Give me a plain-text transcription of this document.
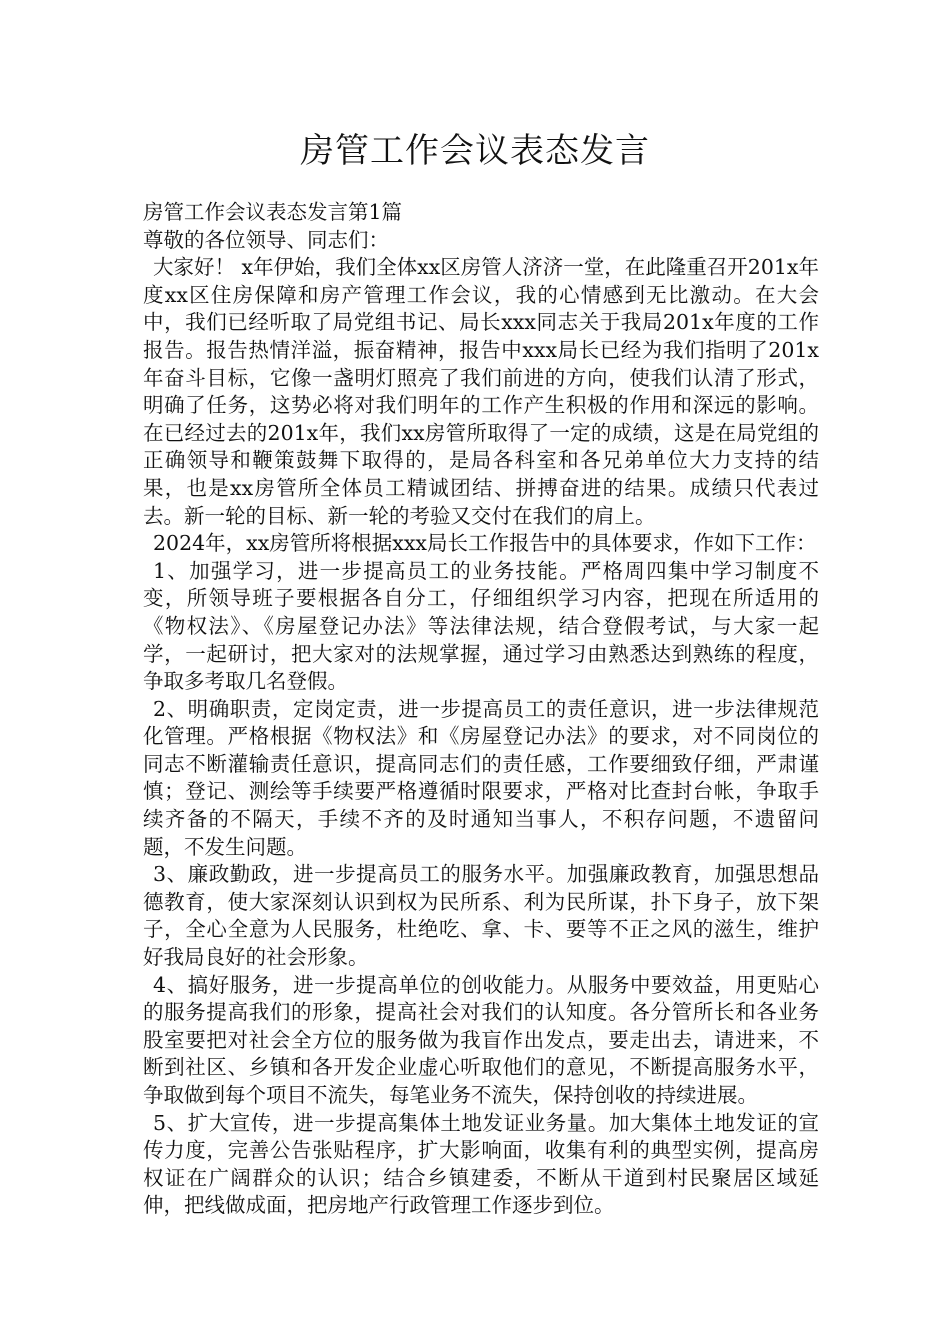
房管工作会议表态发言

房管工作会议表态发言第1篇

尊敬的各位领导、同志们：

大家好！ x年伊始，我们全体xx区房管人济济一堂，在此隆重召开201x年度xx区住房保障和房产管理工作会议，我的心情感到无比激动。在大会中，我们已经听取了局党组书记、局长xxx同志关于我局201x年度的工作报告。报告热情洋溢，振奋精神，报告中xxx局长已经为我们指明了201x年奋斗目标，它像一盏明灯照亮了我们前进的方向，使我们认清了形式，明确了任务，这势必将对我们明年的工作产生积极的作用和深远的影响。在已经过去的201x年，我们xx房管所取得了一定的成绩，这是在局党组的正确领导和鞭策鼓舞下取得的，是局各科室和各兄弟单位大力支持的结果，也是xx房管所全体员工精诚团结、拼搏奋进的结果。成绩只代表过去。新一轮的目标、新一轮的考验又交付在我们的肩上。

2024年，xx房管所将根据xxx局长工作报告中的具体要求，作如下工作：

1、加强学习，进一步提高员工的业务技能。严格周四集中学习制度不变，所领导班子要根据各自分工，仔细组织学习内容，把现在所适用的《物权法》、《房屋登记办法》等法律法规，结合登假考试，与大家一起学，一起研讨，把大家对的法规掌握，通过学习由熟悉达到熟练的程度，争取多考取几名登假。

2、明确职责，定岗定责，进一步提高员工的责任意识，进一步法律规范化管理。严格根据《物权法》和《房屋登记办法》的要求，对不同岗位的同志不断灌输责任意识，提高同志们的责任感，工作要细致仔细，严肃谨慎；登记、测绘等手续要严格遵循时限要求，严格对比查封台帐，争取手续齐备的不隔天，手续不齐的及时通知当事人，不积存问题，不遗留问题，不发生问题。

3、廉政勤政，进一步提高员工的服务水平。加强廉政教育，加强思想品德教育，使大家深刻认识到权为民所系、利为民所谋，扑下身子，放下架子，全心全意为人民服务，杜绝吃、拿、卡、要等不正之风的滋生，维护好我局良好的社会形象。

4、搞好服务，进一步提高单位的创收能力。从服务中要效益，用更贴心的服务提高我们的形象，提高社会对我们的认知度。各分管所长和各业务股室要把对社会全方位的服务做为我盲作出发点，要走出去，请进来，不断到社区、乡镇和各开发企业虚心听取他们的意见，不断提高服务水平，争取做到每个项目不流失，每笔业务不流失，保持创收的持续进展。

5、扩大宣传，进一步提高集体土地发证业务量。加大集体土地发证的宣传力度，完善公告张贴程序，扩大影响面，收集有利的典型实例，提高房权证在广阔群众的认识；结合乡镇建委，不断从干道到村民聚居区域延伸，把线做成面，把房地产行政管理工作逐步到位。
